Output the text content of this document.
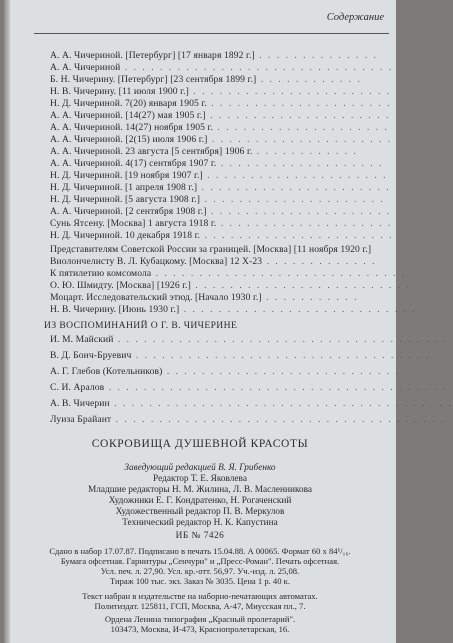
Содержание
А. А. Чичериной. [Петербург] [17 января 1892 г.] . . . . . . . . . . . . . .
А. А. Чичериной . . . . . . . . . . . . . . . . . . . . . . . . . . . . . . .
Б. Н. Чичерину. [Петербург] [23 сентября 1899 г.] . . . . . . . . . . . .
Н. В. Чичерину. [11 июля 1900 г.] . . . . . . . . . . . . . . . . . . . . . . .
Н. Д. Чичериной. 7(20) января 1905 г. . . . . . . . . . . . . . . . . . . . . .
А. А. Чичериной. [14(27) мая 1905 г.] . . . . . . . . . . . . . . . . . . . . .
А. А. Чичериной. 14(27) ноября 1905 г. . . . . . . . . . . . . . . . . . . . .
А. А. Чичериной. [2(15) июля 1906 г.] . . . . . . . . . . . . . . . . . . . . .
А. А. Чичериной. 23 августа [5 сентября] 1906 г. . . . . . . . . . . . .
А. А. Чичериной. 4(17) сентября 1907 г. . . . . . . . . . . . . . . . . . . .
Н. Д. Чичериной. [19 ноября 1907 г.] . . . . . . . . . . . . . . . . . . . . .
Н. Д. Чичериной. [1 апреля 1908 г.] . . . . . . . . . . . . . . . . . . . . . .
Н. Д. Чичериной. [5 августа 1908 г.] . . . . . . . . . . . . . . . . . . . . .
А. А. Чичериной. [2 сентября 1908 г.] . . . . . . . . . . . . . . . . . . . . .
Сунь Ятсену. [Москва] 1 августа 1918 г. . . . . . . . . . . . . . . . . . . . .
Н. Д. Чичериной. 10 декабря 1918 г. . . . . . . . . . . . . . . . . . . . . . .
Представителям Советской России за границей. [Москва] [11 ноября 1920 г.]
Виолончелисту В. Л. Кубацкому. [Москва] 12 Х-23 . . . . . . . . . . . . .
К пятилетию комсомола . . . . . . . . . . . . . . . . . . . . . . . . . . . . .
О. Ю. Шмидту. [Москва] [1926 г.] . . . . . . . . . . . . . . . . . . . . . . . . .
Моцарт. Исследовательский этюд. [Начало 1930 г.] . . . . . . . . . . .
Н. В. Чичерину. [Июнь 1930 г.] . . . . . . . . . . . . . . . . . . . . . . . . . . .
ИЗ ВОСПОМИНАНИЙ О Г. В. ЧИЧЕРИНЕ
И. М. Майский . . . . . . . . . . . . . . . . . . . . . . . . . . . . . . . . . . . . . .
В. Д. Бонч-Бруевич . . . . . . . . . . . . . . . . . . . . . . . . . . . . . . . . . .
А. Г. Глебов (Котельников) . . . . . . . . . . . . . . . . . . . . . . . . . . .
С. И. Аралов . . . . . . . . . . . . . . . . . . . . . . . . . . . . . . . . . . . . . . .
А. В. Чичерин . . . . . . . . . . . . . . . . . . . . . . . . . . . . . . . . . . . . . . .
Луиза Брайант . . . . . . . . . . . . . . . . . . . . . . . . . . . . . . . . . . . . . .
СОКРОВИЩА ДУШЕВНОЙ КРАСОТЫ
Заведующий редакцией В. Я. Грибенко
Редактор Т. Е. Яковлева
Младшие редакторы Н. М. Жилина, Л. В. Масленникова
Художники Е. Г. Кондратенко, Н. Рогаченский
Художественный редактор П. В. Меркулов
Технический редактор Н. К. Капустина
ИБ № 7426
Сдано в набор 17.07.87. Подписано в печать 15.04.88. А 00065. Формат 60 х 84¹/₁₆.
Бумага офсетная. Гарнитуры „Сенчури" и „Пресс-Роман". Печать офсетная.
Усл. печ. л. 27,90. Усл. кр.-отт. 56,97. Уч.-изд. л. 25,08.
Тираж 100 тыс. экз. Заказ № 3035. Цена 1 р. 40 к.
Текст набран в издательстве на наборно-печатающих автоматах.
Политиздат. 125811, ГСП, Москва, А-47, Миусская пл., 7.
Ордена Ленина типография „Красный пролетарий".
103473, Москва, И-473, Краснопролетарская, 16.
